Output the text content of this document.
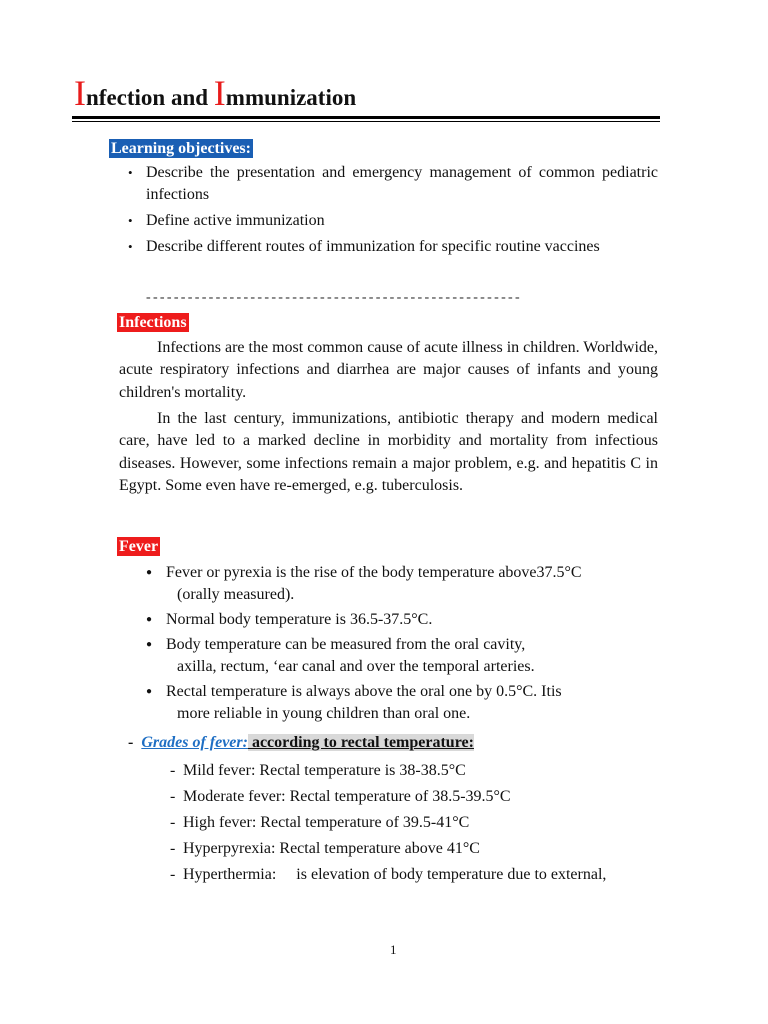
Infection and Immunization
Learning objectives:
• Describe the presentation and emergency management of common pediatric infections
• Define active immunization
• Describe different routes of immunization for specific routine vaccines
------------------------------------------------------
Infections

Infections are the most common cause of acute illness in children. Worldwide, acute respiratory infections and diarrhea are major causes of infants and young children's mortality.

In the last century, immunizations, antibiotic therapy and modern medical care, have led to a marked decline in morbidity and mortality from infectious diseases. However, some infections remain a major problem, e.g. and hepatitis C in Egypt. Some even have re-emerged, e.g. tuberculosis.

Fever
● Fever or pyrexia is the rise of the body temperature above37.5°C
(orally measured).
● Normal body temperature is 36.5-37.5°C.
● Body temperature can be measured from the oral cavity,
axilla, rectum, ‘ear canal and over the temporal arteries.
● Rectal temperature is always above the oral one by 0.5°C. Itis
more reliable in young children than oral one.
- Grades of fever: according to rectal temperature:
- Mild fever: Rectal temperature is 38-38.5°C
- Moderate fever: Rectal temperature of 38.5-39.5°C
- High fever: Rectal temperature of 39.5-41°C
- Hyperpyrexia: Rectal temperature above 41°C
- Hyperthermia:     is elevation of body temperature due to external,
1
